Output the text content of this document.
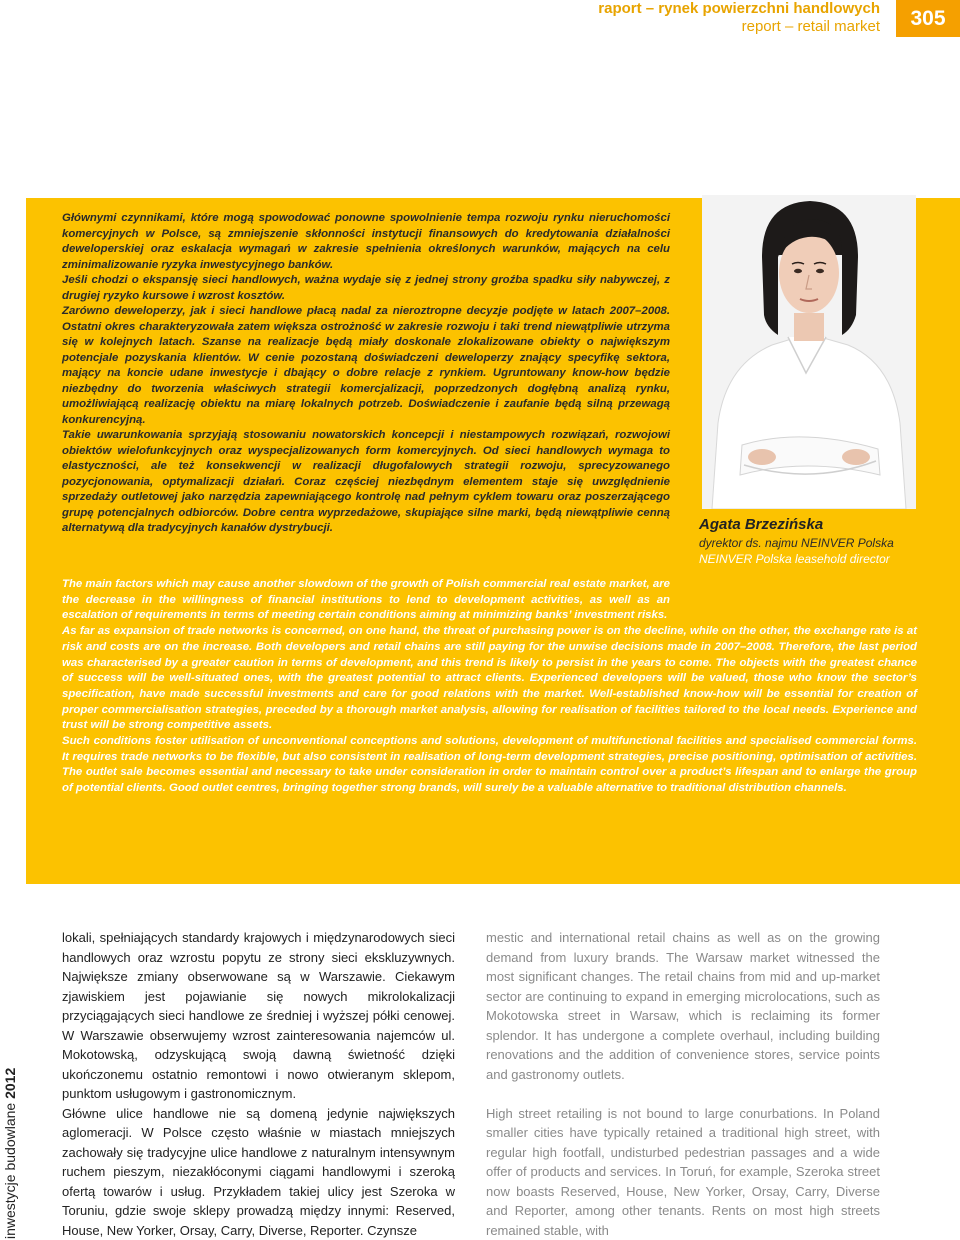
raport – rynek powierzchni handlowych
report – retail market	305

Głównymi czynnikami, które mogą spowodować ponowne spowolnienie tempa rozwoju rynku nieruchomości komercyjnych w Polsce, są zmniejszenie skłonności instytucji finansowych do kredytowania działalności deweloperskiej oraz eskalacja wymagań w zakresie spełnienia określonych warunków, mających na celu zminimalizowanie ryzyka inwestycyjnego banków.

Jeśli chodzi o ekspansję sieci handlowych, ważna wydaje się z jednej strony groźba spadku siły nabywczej, z drugiej ryzyko kursowe i wzrost kosztów.

Zarówno deweloperzy, jak i sieci handlowe płacą nadal za nieroztropne decyzje podjęte w latach 2007–2008. Ostatni okres charakteryzowała zatem większa ostrożność w zakresie rozwoju i taki trend niewątpliwie utrzyma się w kolejnych latach. Szanse na realizacje będą miały doskonale zlokalizowane obiekty o największym potencjale pozyskania klientów. W cenie pozostaną doświadczeni deweloperzy znający specyfikę sektora, mający na koncie udane inwestycje i dbający o dobre relacje z rynkiem. Ugruntowany know-how będzie niezbędny do tworzenia właściwych strategii komercjalizacji, poprzedzonych dogłębną analizą rynku, umożliwiającą realizację obiektu na miarę lokalnych potrzeb. Doświadczenie i zaufanie będą silną przewagą konkurencyjną.

Takie uwarunkowania sprzyjają stosowaniu nowatorskich koncepcji i niestampowych rozwiązań, rozwojowi obiektów wielofunkcyjnych oraz wyspecjalizowanych form komercyjnych. Od sieci handlowych wymaga to elastyczności, ale też konsekwencji w realizacji długofalowych strategii rozwoju, sprecyzowanego pozycjonowania, optymalizacji działań. Coraz częściej niezbędnym elementem staje się uwzględnienie sprzedaży outletowej jako narzędzia zapewniającego kontrolę nad pełnym cyklem towaru oraz poszerzającego grupę potencjalnych odbiorców. Dobre centra wyprzedażowe, skupiające silne marki, będą niewątpliwie cenną alternatywą dla tradycyjnych kanałów dystrybucji.	Agata Brzezińska
dyrektor ds. najmu NEINVER Polska
NEINVER Polska leasehold director

The main factors which may cause another slowdown of the growth of Polish commercial real estate market, are the decrease in the willingness of financial institutions to lend to development activities, as well as an escalation of requirements in terms of meeting certain conditions aiming at minimizing banks’ investment risks.

As far as expansion of trade networks is concerned, on one hand, the threat of purchasing power is on the decline, while on the other, the exchange rate is at risk and costs are on the increase. Both developers and retail chains are still paying for the unwise decisions made in 2007–2008. Therefore, the last period was characterised by a greater caution in terms of development, and this trend is likely to persist in the years to come. The objects with the greatest chance of success will be well-situated ones, with the greatest potential to attract clients. Experienced developers will be valued, those who know the sector’s specification, have made successful investments and care for good relations with the market. Well-established know-how will be essential for creation of proper commercialisation strategies, preceded by a thorough market analysis, allowing for realisation of facilities tailored to the local needs. Experience and trust will be strong competitive assets.

Such conditions foster utilisation of unconventional conceptions and solutions, development of multifunctional facilities and specialised commercial forms. It requires trade networks to be flexible, but also consistent in realisation of long-term development strategies, precise positioning, optimisation of activities. The outlet sale becomes essential and necessary to take under consideration in order to maintain control over a product’s lifespan and to enlarge the group of potential clients. Good outlet centres, bringing together strong brands, will surely be a valuable alternative to traditional distribution channels.

inwestycje budowlane 2012

lokali, spełniających standardy krajowych i międzynarodowych sieci handlowych oraz wzrostu popytu ze strony sieci ekskluzywnych. Największe zmiany obserwowane są w Warszawie. Ciekawym zjawiskiem jest pojawianie się nowych mikrolokalizacji przyciągających sieci handlowe ze średniej i wyższej półki cenowej. W Warszawie obserwujemy wzrost zainteresowania najemców ul. Mokotowską, odzyskującą swoją dawną świetność dzięki ukończonemu ostatnio remontowi i nowo otwieranym sklepom, punktom usługowym i gastronomicznym.

Główne ulice handlowe nie są domeną jedynie największych aglomeracji. W Polsce często właśnie w miastach mniejszych zachowały się tradycyjne ulice handlowe z naturalnym intensywnym ruchem pieszym, niezakłóconymi ciągami handlowymi i szeroką ofertą towarów i usług. Przykładem takiej ulicy jest Szeroka w Toruniu, gdzie swoje sklepy prowadzą między innymi: Reserved, House, New Yorker, Orsay, Carry, Diverse, Reporter. Czynsze

mestic and international retail chains as well as on the growing demand from luxury brands. The Warsaw market witnessed the most significant changes. The retail chains from mid and up-market sector are continuing to expand in emerging microlocations, such as Mokotowska street in Warsaw, which is reclaiming its former splendor. It has undergone a complete overhaul, including building renovations and the addition of convenience stores, service points and gastronomy outlets.

High street retailing is not bound to large conurbations. In Poland smaller cities have typically retained a traditional high street, with regular high footfall, undisturbed pedestrian passages and a wide offer of products and services. In Toruń, for example, Szeroka street now boasts Reserved, House, New Yorker, Orsay, Carry, Diverse and Reporter, among other tenants. Rents on most high streets remained stable, with
